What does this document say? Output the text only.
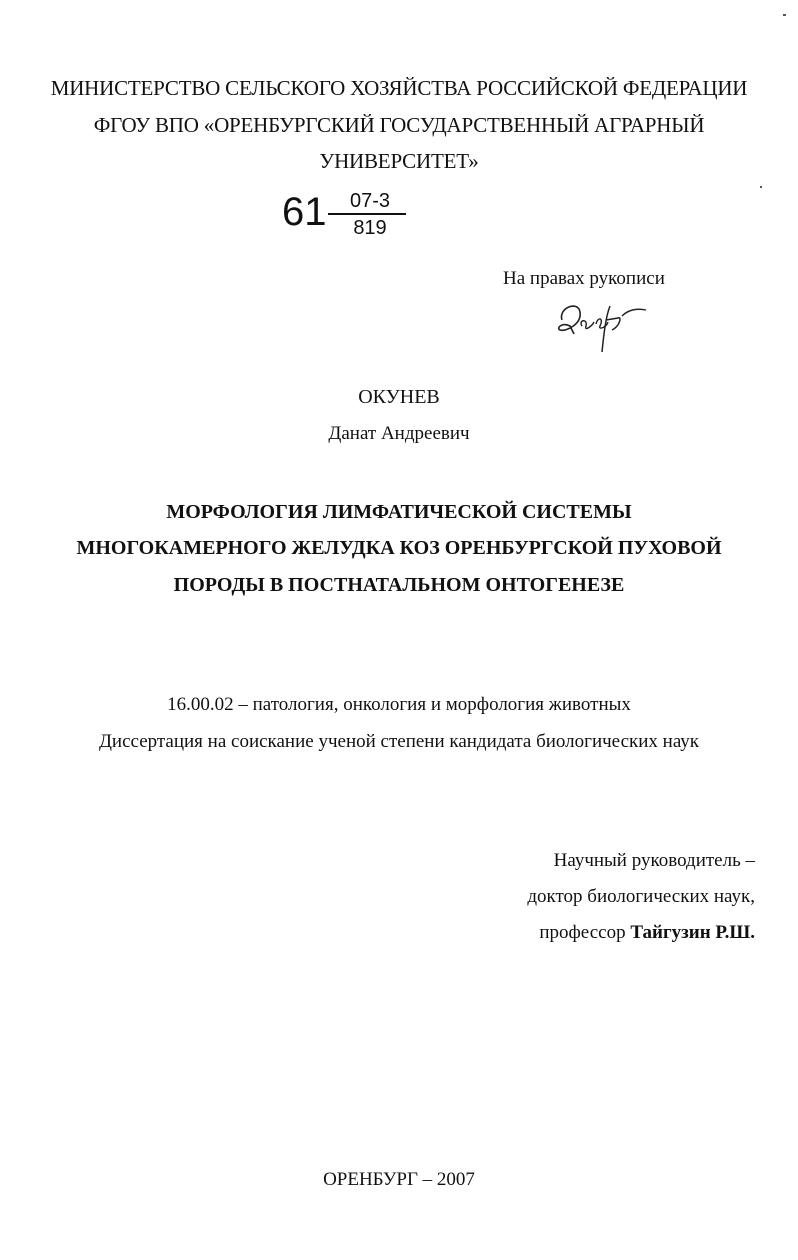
МИНИСТЕРСТВО СЕЛЬСКОГО ХОЗЯЙСТВА РОССИЙСКОЙ ФЕДЕРАЦИИ
ФГОУ ВПО «ОРЕНБУРГСКИЙ ГОСУДАРСТВЕННЫЙ АГРАРНЫЙ
УНИВЕРСИТЕТ»
61	07-3
819
На правах рукописи
ОКУНЕВ
Данат Андреевич
МОРФОЛОГИЯ ЛИМФАТИЧЕСКОЙ СИСТЕМЫ
МНОГОКАМЕРНОГО ЖЕЛУДКА КОЗ ОРЕНБУРГСКОЙ ПУХОВОЙ
ПОРОДЫ В ПОСТНАТАЛЬНОМ ОНТОГЕНЕЗЕ
16.00.02 – патология, онкология и морфология животных
Диссертация на соискание ученой степени кандидата биологических наук
Научный руководитель –
доктор биологических наук,
профессор Тайгузин Р.Ш.
ОРЕНБУРГ – 2007
